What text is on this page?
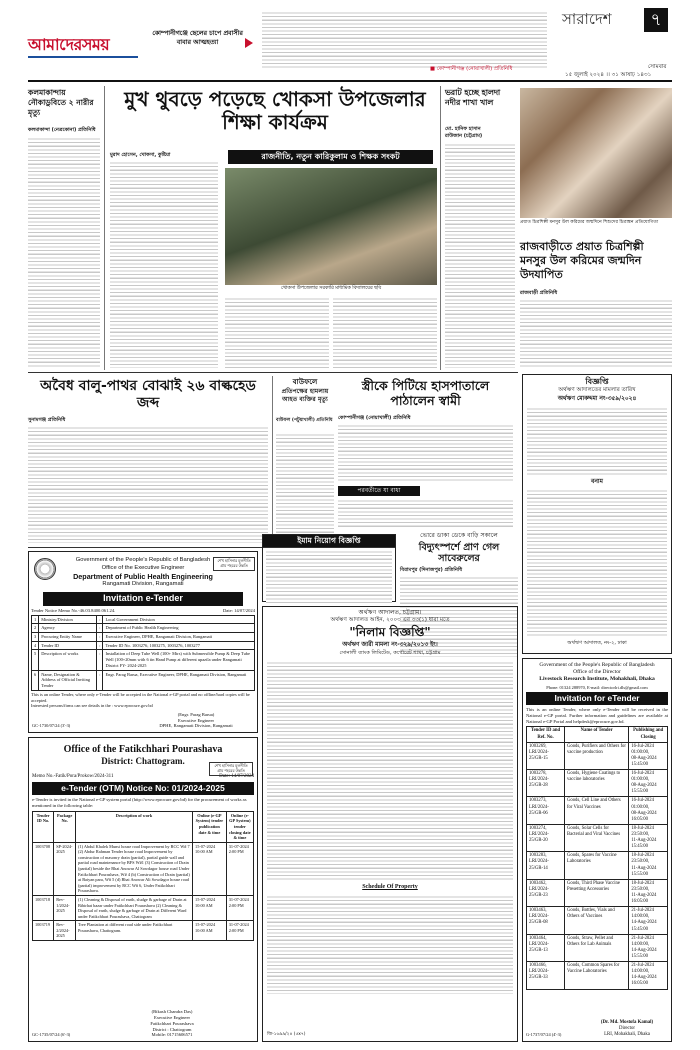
আমাদেরসময়
কোম্পানীগঞ্জে ছেলের চাপে প্রবাসীর বাবার আত্মহত্যা
■ কোম্পানীগঞ্জ (নোয়াখালী) প্রতিনিধি
সারাদেশ	৭
সোমবার
১৫ জুলাই ২০২৪ ।। ৩১ আষাঢ় ১৪৩১
কলমাকান্দায় নৌকাডুবিতে ২ নারীর মৃত্যু
কলমাকান্দা (নেত্রকোনা) প্রতিনিধি
মুখ থুবড়ে পড়েছে খোকসা উপজেলার শিক্ষা কার্যক্রম
রাজনীতি, নতুন কারিকুলাম ও শিক্ষক সংকট
মুরাদ হোসেন, খোকসা, কুষ্টিয়া
খোকসা উপজেলার সরকারি মাধ্যমিক বিদ্যালয়ের ছবি
ভরাট হচ্ছে হালদা নদীর শাখা খাল
মো. হানিফ হাসান
রাউজান (চট্টগ্রাম)
প্রয়াত চিত্রশিল্পী মনসুর উল করিমের জন্মদিনে শিশুদের চিত্রাঙ্কন প্রতিযোগিতা
রাজবাড়ীতে প্রয়াত চিত্রশিল্পী মনসুর উল করিমের জন্মদিন উদযাপিত
রাজবাড়ী প্রতিনিধি
অবৈধ বালু-পাথর বোঝাই ২৬ বাল্কহেড জব্দ
সুনামগঞ্জ প্রতিনিধি
বাউফলে
প্রতিপক্ষের হামলায় আহত ব্যক্তির মৃত্যু
বাউফল (পটুয়াখালী) প্রতিনিধি
স্ত্রীকে পিটিয়ে হাসপাতালে পাঠালেন স্বামী
কোম্পানীগঞ্জ (নোয়াখালী) প্রতিনিধি
পরবর্তীতে যা বাধা
ভোরে ডাকা ডেকে বাড়ি সকালে
বিদ্যুৎস্পর্শে প্রাণ গেল সাবেরুলের
বিরামপুর (দিনাজপুর) প্রতিনিধি
বিজ্ঞপ্তি
অর্থঋণ আদালতের মামলার তারিখ
অর্থঋণ মোকদ্দমা নং-৩৫৯/২০২৪
বনাম
অর্থঋণ আদালত, নং-২, ঢাকা
শেখ হাসিনার মূলনীতি গ্রাম শহরের উন্নতি
Government of the People's Republic of Bangladesh
Office of the Executive Engineer
Department of Public Health Engineering
Rangamati Division, Rangamati
Invitation e-Tender
Tender Notice Memo No.-46.03.8400.061.24.	Date: 14/07/2024
1	Ministry/Division	:	Local Government Division
2	Agency	:	Department of Public Health Engineering
3	Procuring Entity Name	:	Executive Engineer, DPHE, Rangamati Division, Rangamati
4	Tender ID	:	Tender ID No. 1003276, 1003275, 1003276, 1003277
5	Description of works	:	Installation of Deep Tube Well (100+ Mtrs) with Submersible Pump & Deep Tube Well (100+20mm with 6 tin Hand Pump at different upazila under Rangamati District FY- 2024-2025
6	Name, Designation & Address of Official Inviting Tender	:	Engr. Parag Barua, Executive Engineer, DPHE, Rangamati Division, Rangamati
This is an online Tender, where only e-Tender will be accepted in the National e-GP portal and no offline/hard copies will be accepted.
Interested persons/firms can see details in the : www.eprocure.gov.bd
(Engr. Parag Barua)
Executive Engineer
DPHE, Rangamati Division, Rangamati
GC-1730/07/24 (3'-3)
ইমাম নিয়োগ বিজ্ঞপ্তি
অর্থঋণ আদালত, চট্টগ্রাম।
অর্থঋণ আদালত আইন, ২০০৩ এর ৩৩(১) ধারা মতে
"নিলাম বিজ্ঞপ্তি"
অর্থঋণ জারী মামলা নং-৩২৯/২০১৩ ইং।
সোনালী ব্যাংক লিমিটেড, কর্পোরেট শাখা, চট্টগ্রাম
Schedule Of Property
জি-১৬৯৯/২৪ (৫x৭)
শেখ হাসিনার মূলনীতি গ্রাম শহরের উন্নতি
Office of the Fatikchhari Pourashava
District: Chattogram.
Memo No.-Fatik/Pora/Prokow/2024-311	Date: 14/07/2024
e-Tender (OTM) Notice No: 01/2024-2025
e-Tender is invited in the National e-GP system portal (http://www.eprocure.gov.bd) for the procurement of works as mentioned in the following table:
Tender ID No.	Package No.	Description of work	Online (e-GP System) tender publication date & time	Online (e-GP System) tender closing date & time
1003708	SP-2024-2025	(1) Abdul Khalek Munsi house road Improvement by RCC W# 7 (2) Abdur Rahman Tender house road Improvement by construction of masonry drain (partial), partial guide wall and partial road maintenance by BFS W#1 (3) Construction of Drain (partial) beside the Bhai Anowar Al Sowdagor house road Under Fatikchhari Pourashava, W# 4 (b) Construction of Drain (partial) at Baiyan para, W# 5 (d) Bhai Anowar Ali Sowdagor house road (partial) improvement by RCC W# 6, Under Fatikchhari Pourashava.	15-07-2024 10:00 AM	31-07-2024 2:00 PM
1003718	Rev-1/2024-2025	(1) Cleaning & Disposal of earth, sludge & garbage of Drain at Bibirhat bazar under Fatikchhari Pourashava (2) Cleaning & Disposal of earth, sludge & garbage of Drain at Different Ward under Fatikchhari Pourashava, Chattogram	15-07-2024 10:00 AM	31-07-2024 2:00 PM
1003719	Rev-2/2024-2025	Tree Plantation at different road side under Fatikchhari Pourashava, Chattogram.	15-07-2024 10:00 AM	31-07-2024 2:00 PM
(Bikash Chandra Das)
Executive Engineer
Fatikchhari Pourashava
District : Chattogram
Mobile: 01715606571
GC-1735/07/24 (6'-3)
Government of the People's Republic of Bangladesh
Office of the Director
Livestock Research Institute, Mohakhali, Dhaka
Phone: 01324 288970, E-mail: directorlri.dls@gmail.com
Invitation for eTender
This is an online Tender, where only e-Tender will be received in the National e-GP portal. Further information and guidelines are available at National e-GP Portal and helpdesk@eprocure.gov.bd.
Tender ID and Ref. No.	Name of Tender	Publishing and Closing
1003269,
LRI/2024-25/GR-15	Goods, Purifiers and Others for vaccine production	16-Jul-2024 01:00:00,
08-Aug-2024 15:45:00
1003278,
LRI/2024-25/GR-28	Goods, Hygiene Coatings to vaccine laboratories	16-Jul-2024 01:00:00,
08-Aug-2024 15:55:00
1003273,
LRI/2024-25/GR-06	Goods, Cell Line and Others for Viral Vaccines	16-Jul-2024 01:00:00,
08-Aug-2024 16:05:00
1003274,
LRI/2024-25/GR-20	Goods, Solar Cells for Bacterial and Viral Vaccines	18-Jul-2024 23:50:00,
11-Aug-2024 15:45:00
1003283,
LRI/2024-25/GR-14	Goods, Spares for Vaccine Laboratories	18-Jul-2024 23:50:00,
11-Aug-2024 15:55:00
1003462,
LRI/2024-25/GR-23	Goods, Third Phase Vaccine Presetting Accessories	18-Jul-2024 23:50:00,
11-Aug-2024 16:05:00
1003463,
LRI/2024-25/GR-08	Goods, Bottles, Vials and Others of Vaccines	21-Jul-2024 14:00:00,
14-Aug-2024 15:45:00
1003464,
LRI/2024-25/GR-13	Goods, Straw, Pellet and Others for Lab Animals	21-Jul-2024 14:00:00,
14-Aug-2024 15:55:00
1003466,
LRI/2024-25/GR-33	Goods, Common Spares for Vaccine Laboratories	21-Jul-2024 14:00:00,
14-Aug-2024 16:05:00
(Dr. Md. Mostofa Kamal)
Director
LRI, Mohakhali, Dhaka
G-1737/07/24 (4'-3)
